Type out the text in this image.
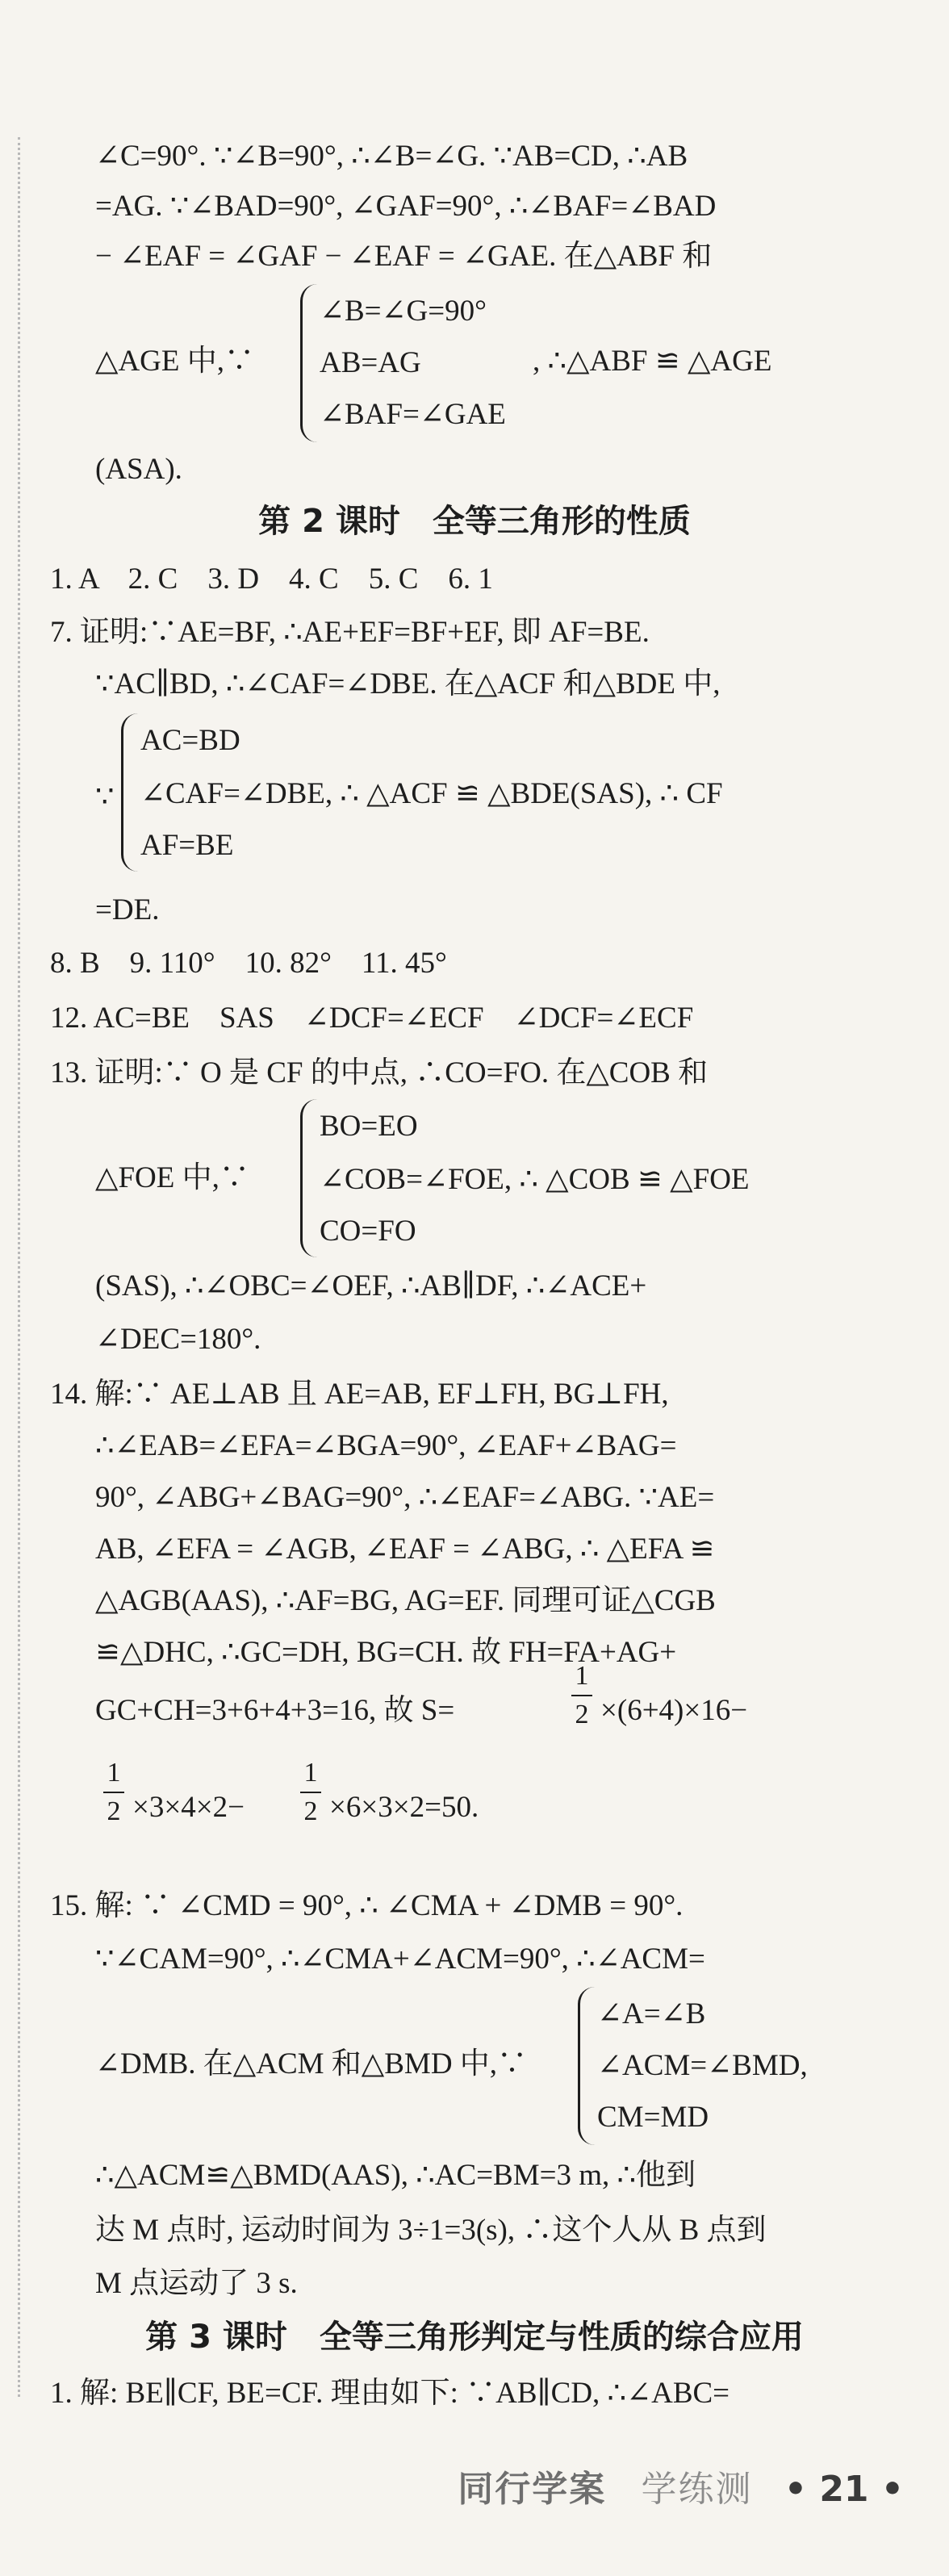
∠C=90°. ∵∠B=90°, ∴∠B=∠G. ∵AB=CD, ∴AB
=AG. ∵∠BAD=90°, ∠GAF=90°, ∴∠BAF=∠BAD
− ∠EAF = ∠GAF − ∠EAF = ∠GAE. 在△ABF 和
△AGE 中,∵
∠B=∠G=90°
AB=AG
∠BAF=∠GAE
, ∴△ABF ≌ △AGE
(ASA).
第 2 课时　全等三角形的性质
1. A　2. C　3. D　4. C　5. C　6. 1
7. 证明:∵AE=BF, ∴AE+EF=BF+EF, 即 AF=BE.
∵AC∥BD, ∴∠CAF=∠DBE. 在△ACF 和△BDE 中,
∵
AC=BD
∠CAF=∠DBE, ∴ △ACF ≌ △BDE(SAS), ∴ CF
AF=BE
=DE.
8. B　9. 110°　10. 82°　11. 45°
12. AC=BE　SAS　∠DCF=∠ECF　∠DCF=∠ECF
13. 证明:∵ O 是 CF 的中点, ∴CO=FO. 在△COB 和
△FOE 中,∵
BO=EO
∠COB=∠FOE, ∴ △COB ≌ △FOE
CO=FO
(SAS), ∴∠OBC=∠OEF, ∴AB∥DF, ∴∠ACE+
∠DEC=180°.
14. 解:∵ AE⊥AB 且 AE=AB, EF⊥FH, BG⊥FH,
∴∠EAB=∠EFA=∠BGA=90°, ∠EAF+∠BAG=
90°, ∠ABG+∠BAG=90°, ∴∠EAF=∠ABG. ∵AE=
AB, ∠EFA = ∠AGB, ∠EAF = ∠ABG, ∴ △EFA ≌
△AGB(AAS), ∴AF=BG, AG=EF. 同理可证△CGB
≌△DHC, ∴GC=DH, BG=CH. 故 FH=FA+AG+
GC+CH=3+6+4+3=16, 故 S=
1
2 ×(6+4)×16−
1
2 ×3×4×2−
1
2 ×6×3×2=50.
15. 解: ∵ ∠CMD = 90°, ∴ ∠CMA + ∠DMB = 90°.
∵∠CAM=90°, ∴∠CMA+∠ACM=90°, ∴∠ACM=
∠DMB. 在△ACM 和△BMD 中,∵
∠A=∠B
∠ACM=∠BMD,
CM=MD
∴△ACM≌△BMD(AAS), ∴AC=BM=3 m, ∴他到
达 M 点时, 运动时间为 3÷1=3(s), ∴这个人从 B 点到
M 点运动了 3 s.
第 3 课时　全等三角形判定与性质的综合应用
1. 解: BE∥CF, BE=CF. 理由如下: ∵AB∥CD, ∴∠ABC=
同行学案 学练测 • 21 •
